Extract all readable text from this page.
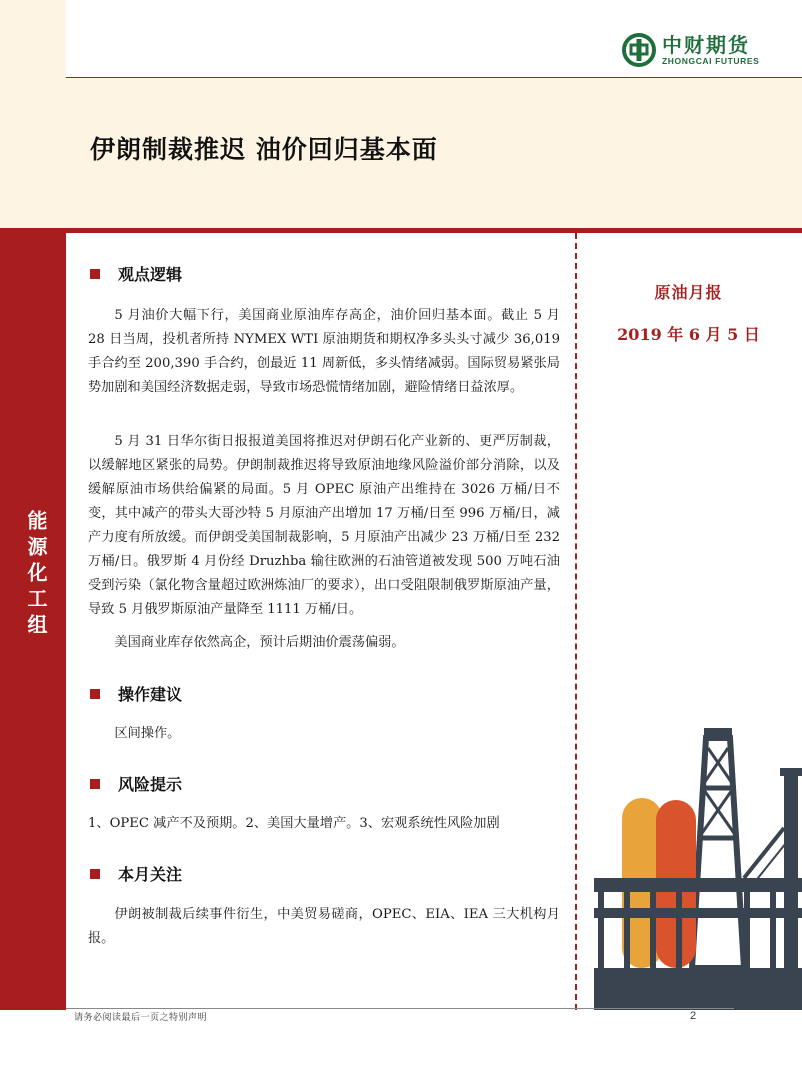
中财期货
ZHONGCAI FUTURES
伊朗制裁推迟 油价回归基本面
能源化工组
原油月报
2019 年 6 月 5 日
观点逻辑

5 月油价大幅下行，美国商业原油库存高企，油价回归基本面。截止 5 月 28 日当周，投机者所持 NYMEX WTI 原油期货和期权净多头头寸减少 36,019 手合约至 200,390 手合约，创最近 11 周新低，多头情绪减弱。国际贸易紧张局势加剧和美国经济数据走弱，导致市场恐慌情绪加剧，避险情绪日益浓厚。

5 月 31 日华尔街日报报道美国将推迟对伊朗石化产业新的、更严厉制裁，以缓解地区紧张的局势。伊朗制裁推迟将导致原油地缘风险溢价部分消除，以及缓解原油市场供给偏紧的局面。5 月 OPEC 原油产出维持在 3026 万桶/日不变，其中减产的带头大哥沙特 5 月原油产出增加 17 万桶/日至 996 万桶/日，减产力度有所放缓。而伊朗受美国制裁影响，5 月原油产出减少 23 万桶/日至 232 万桶/日。俄罗斯 4 月份经 Druzhba 输往欧洲的石油管道被发现 500 万吨石油受到污染（氯化物含量超过欧洲炼油厂的要求），出口受阻限制俄罗斯原油产量，导致 5 月俄罗斯原油产量降至 1111 万桶/日。

美国商业库存依然高企，预计后期油价震荡偏弱。

操作建议

区间操作。

风险提示

1、OPEC 减产不及预期。2、美国大量增产。3、宏观系统性风险加剧

本月关注

伊朗被制裁后续事件衍生，中美贸易磋商，OPEC、EIA、IEA 三大机构月报。

请务必阅读最后一页之特别声明	2
